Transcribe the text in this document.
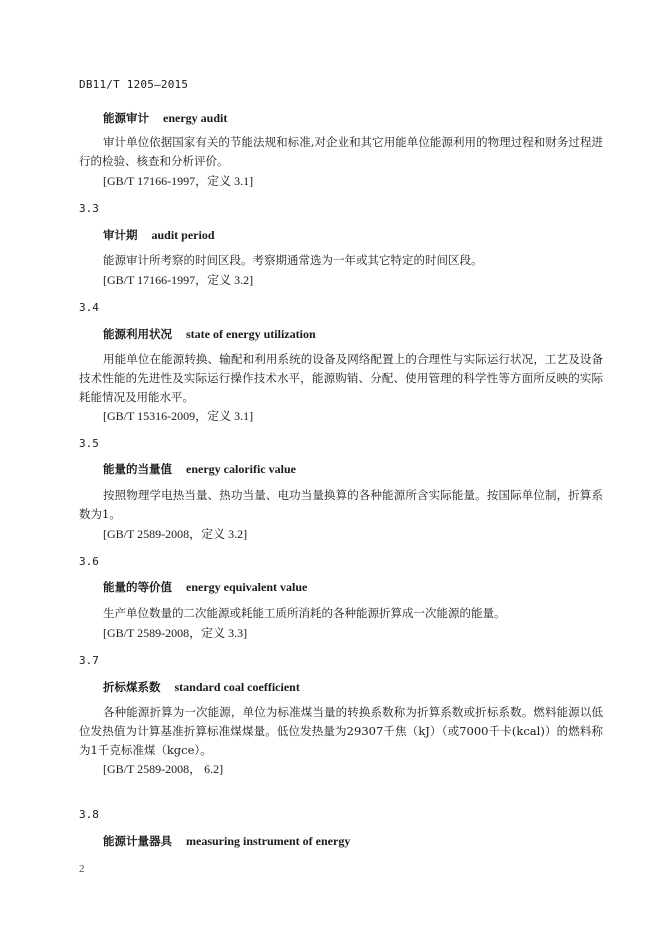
DB11/T 1205—2015
能源审计 energy audit

审计单位依据国家有关的节能法规和标准,对企业和其它用能单位能源利用的物理过程和财务过程进行的检验、核查和分析评价。

[GB/T 17166-1997，定义 3.1]
3.3
审计期 audit period

能源审计所考察的时间区段。考察期通常选为一年或其它特定的时间区段。

[GB/T 17166-1997，定义 3.2]
3.4
能源利用状况 state of energy utilization

用能单位在能源转换、输配和利用系统的设备及网络配置上的合理性与实际运行状况，工艺及设备技术性能的先进性及实际运行操作技术水平，能源购销、分配、使用管理的科学性等方面所反映的实际耗能情况及用能水平。

[GB/T 15316-2009，定义 3.1]
3.5
能量的当量值 energy calorific value

按照物理学电热当量、热功当量、电功当量换算的各种能源所含实际能量。按国际单位制，折算系数为1。

[GB/T 2589-2008，定义 3.2]
3.6
能量的等价值 energy equivalent value

生产单位数量的二次能源或耗能工质所消耗的各种能源折算成一次能源的能量。

[GB/T 2589-2008，定义 3.3]
3.7
折标煤系数 standard coal coefficient

各种能源折算为一次能源，单位为标准煤当量的转换系数称为折算系数或折标系数。燃料能源以低位发热值为计算基准折算标准煤煤量。低位发热量为29307千焦（kJ）（或7000千卡(kcal)）的燃料称为1千克标准煤（kgce）。

[GB/T 2589-2008， 6.2]
3.8
能源计量器具 measuring instrument of energy
2
